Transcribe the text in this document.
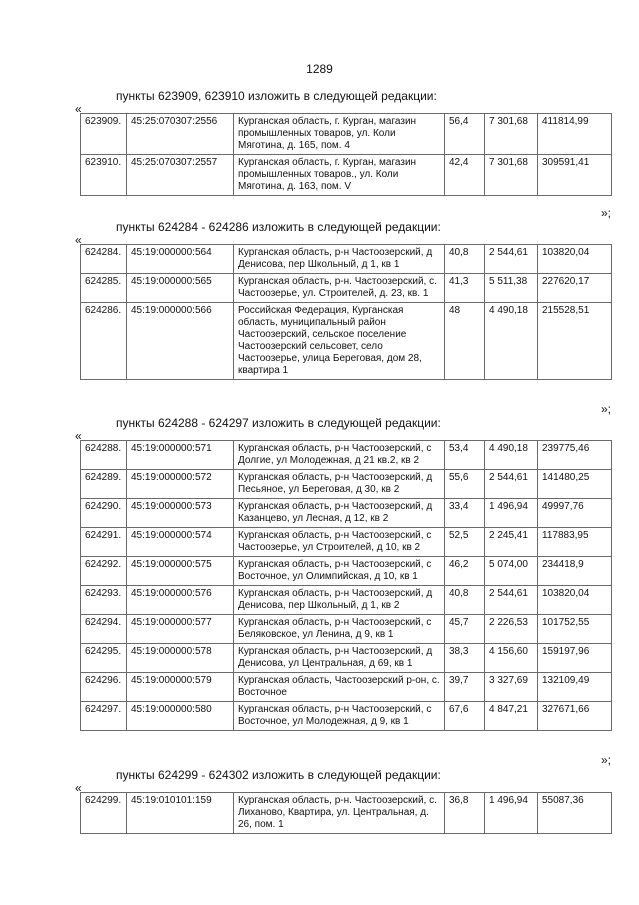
1289
пункты 623909, 623910 изложить в следующей редакции:
«
623909.	45:25:070307:2556	Курганская область, г. Курган, магазин промышленных товаров, ул. Коли Мяготина, д. 165, пом. 4	56,4	7 301,68	411814,99
623910.	45:25:070307:2557	Курганская область, г. Курган, магазин промышленных товаров., ул. Коли Мяготина, д. 163, пом. V	42,4	7 301,68	309591,41
»;
пункты 624284 - 624286 изложить в следующей редакции:
«
624284.	45:19:000000:564	Курганская область, р-н Частоозерский, д Денисова, пер Школьный, д 1, кв 1	40,8	2 544,61	103820,04
624285.	45:19:000000:565	Курганская область, р-н. Частоозерский, с. Частоозерье, ул. Строителей, д. 23, кв. 1	41,3	5 511,38	227620,17
624286.	45:19:000000:566	Российская Федерация, Курганская область, муниципальный район Частоозерский, сельское поселение Частоозерский сельсовет, село Частоозерье, улица Береговая, дом 28, квартира 1	48	4 490,18	215528,51
»;
пункты 624288 - 624297 изложить в следующей редакции:
«
624288.	45:19:000000:571	Курганская область, р-н Частоозерский, с Долгие, ул Молодежная, д 21 кв.2, кв 2	53,4	4 490,18	239775,46
624289.	45:19:000000:572	Курганская область, р-н Частоозерский, д Песьяное, ул Береговая, д 30, кв 2	55,6	2 544,61	141480,25
624290.	45:19:000000:573	Курганская область, р-н Частоозерский, д Казанцево, ул Лесная, д 12, кв 2	33,4	1 496,94	49997,76
624291.	45:19:000000:574	Курганская область, р-н Частоозерский, с Частоозерье, ул Строителей, д 10, кв 2	52,5	2 245,41	117883,95
624292.	45:19:000000:575	Курганская область, р-н Частоозерский, с Восточное, ул Олимпийская, д 10, кв 1	46,2	5 074,00	234418,9
624293.	45:19:000000:576	Курганская область, р-н Частоозерский, д Денисова, пер Школьный, д 1, кв 2	40,8	2 544,61	103820,04
624294.	45:19:000000:577	Курганская область, р-н Частоозерский, с Беляковское, ул Ленина, д 9, кв 1	45,7	2 226,53	101752,55
624295.	45:19:000000:578	Курганская область, р-н Частоозерский, д Денисова, ул Центральная, д 69, кв 1	38,3	4 156,60	159197,96
624296.	45:19:000000:579	Курганская область, Частоозерский р-он, с. Восточное	39,7	3 327,69	132109,49
624297.	45:19:000000:580	Курганская область, р-н Частоозерский, с Восточное, ул Молодежная, д 9, кв 1	67,6	4 847,21	327671,66
»;
пункты 624299 - 624302 изложить в следующей редакции:
«
624299.	45:19:010101:159	Курганская область, р-н. Частоозерский, с. Лиханово, Квартира, ул. Центральная, д. 26, пом. 1	36,8	1 496,94	55087,36
